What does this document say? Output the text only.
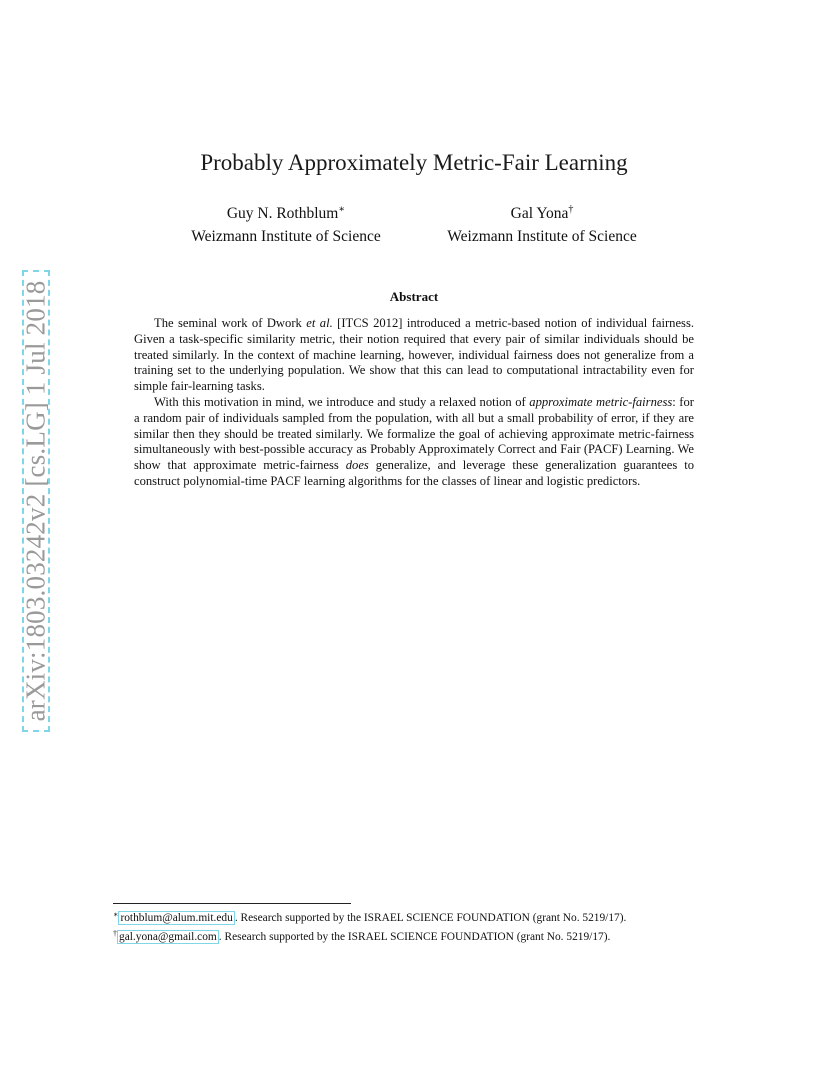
arXiv:1803.03242v2 [cs.LG] 1 Jul 2018
Probably Approximately Metric-Fair Learning
Guy N. Rothblum∗
Weizmann Institute of Science
Gal Yona†
Weizmann Institute of Science
Abstract

The seminal work of Dwork et al. [ITCS 2012] introduced a metric-based notion of individual fairness. Given a task-specific similarity metric, their notion required that every pair of similar individuals should be treated similarly. In the context of machine learning, however, individual fairness does not generalize from a training set to the underlying population. We show that this can lead to computational intractability even for simple fair-learning tasks.

With this motivation in mind, we introduce and study a relaxed notion of approximate metric-fairness: for a random pair of individuals sampled from the population, with all but a small probability of error, if they are similar then they should be treated similarly. We formalize the goal of achieving approximate metric-fairness simultaneously with best-possible accuracy as Probably Approximately Correct and Fair (PACF) Learning. We show that approximate metric-fairness does generalize, and leverage these generalization guarantees to construct polynomial-time PACF learning algorithms for the classes of linear and logistic predictors.

∗ rothblum@alum.mit.edu . Research supported by the ISRAEL SCIENCE FOUNDATION (grant No. 5219/17).
† gal.yona@gmail.com . Research supported by the ISRAEL SCIENCE FOUNDATION (grant No. 5219/17).
